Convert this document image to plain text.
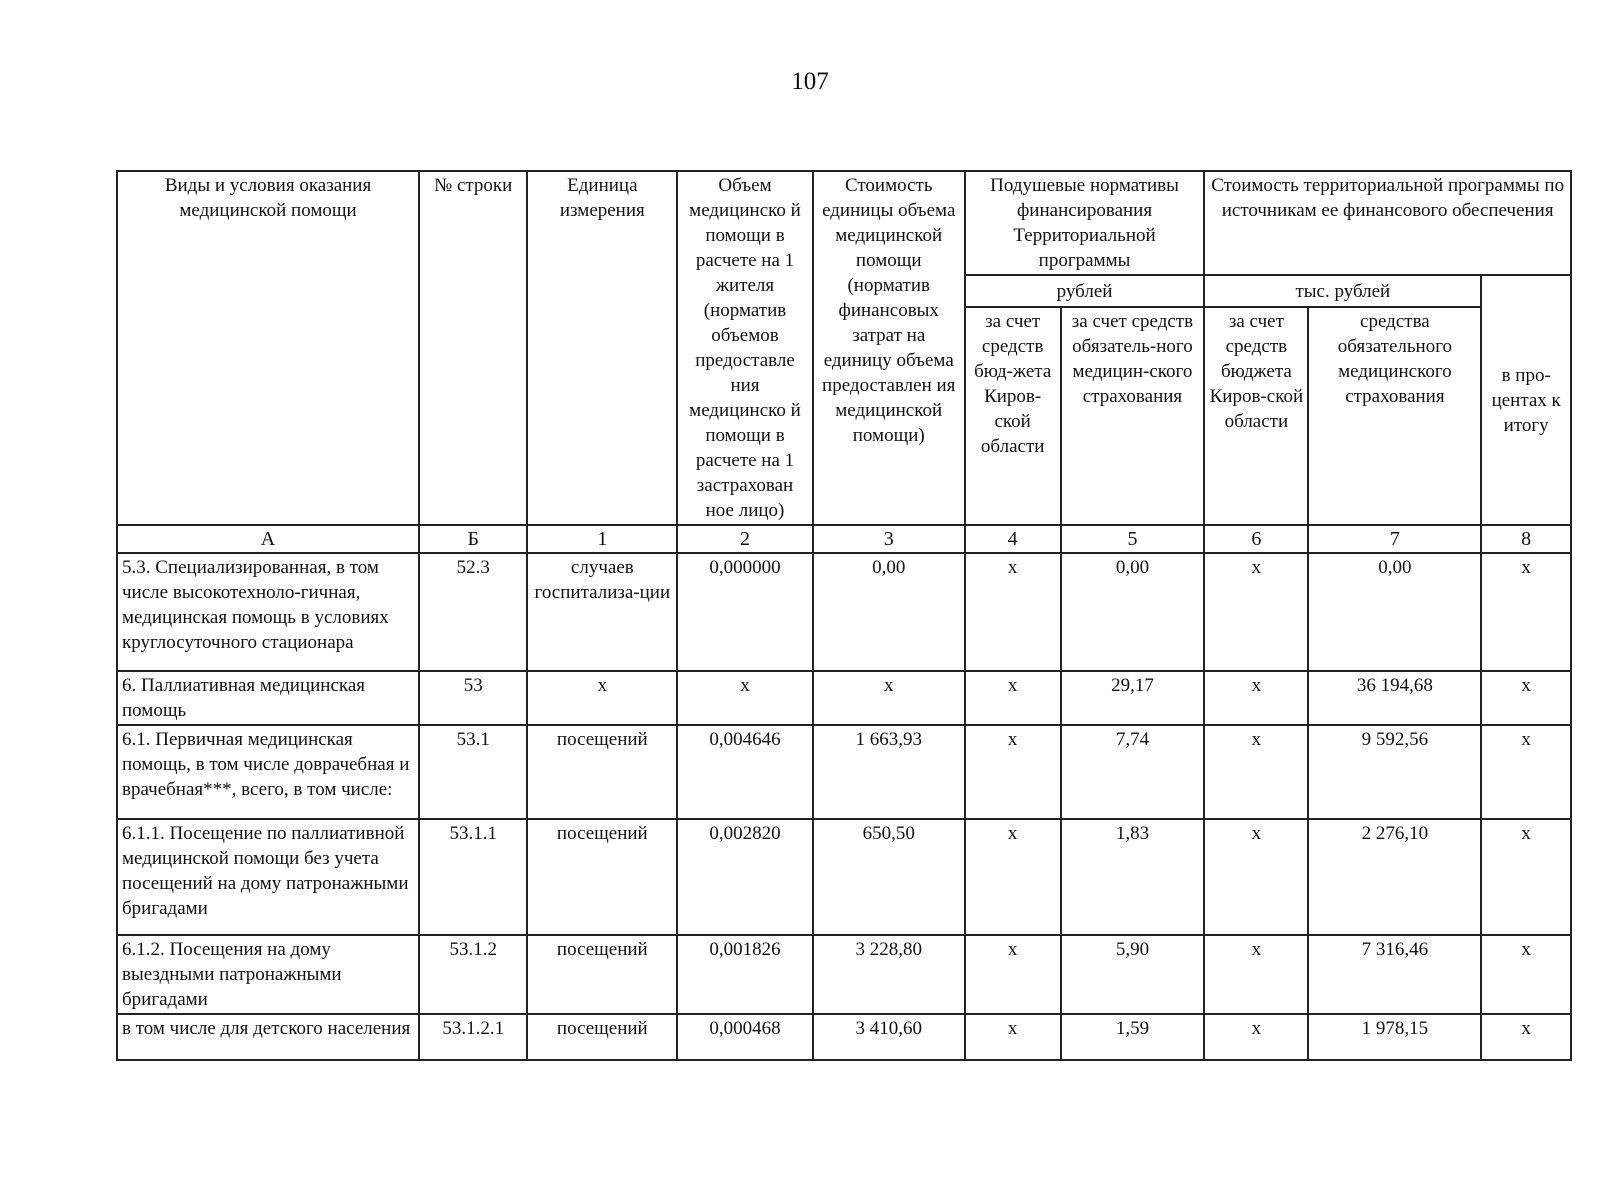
107
Виды и условия оказания медицинской помощи	№ строки	Единица измерения	Объем медицинско й помощи в расчете на 1 жителя (норматив объемов предоставле ния медицинско й помощи в расчете на 1 застрахован ное лицо)	Стоимость единицы объема медицинской помощи (норматив финансовых затрат на единицу объема предоставлен ия медицинской помощи)	Подушевые нормативы финансирования Территориальной программы		Стоимость территориальной программы по источникам ее финансового обеспечения		
					рублей		тыс. рублей		в про-центах к итогу
					за счет средств бюд-жета Киров-ской области	за счет средств обязатель-ного медицин-ского страхования	за счет средств бюджета Киров-ской области	средства обязательного медицинского страхования	
А	Б	1	2	3	4	5	6	7	8
5.3. Специализированная, в том числе высокотехноло-гичная, медицинская помощь в условиях круглосуточного стационара	52.3	случаев госпитализа-ции	0,000000	0,00	х	0,00	х	0,00	х
6. Паллиативная медицинская помощь	53	х	х	х	х	29,17	х	36 194,68	х
6.1. Первичная медицинская помощь, в том числе доврачебная и врачебная***, всего, в том числе:	53.1	посещений	0,004646	1 663,93	х	7,74	х	9 592,56	х
6.1.1. Посещение по паллиативной медицинской помощи без учета посещений на дому патронажными бригадами	53.1.1	посещений	0,002820	650,50	х	1,83	х	2 276,10	х
6.1.2. Посещения на дому выездными патронажными бригадами	53.1.2	посещений	0,001826	3 228,80	х	5,90	х	7 316,46	х
в том числе для детского населения	53.1.2.1	посещений	0,000468	3 410,60	х	1,59	х	1 978,15	х
